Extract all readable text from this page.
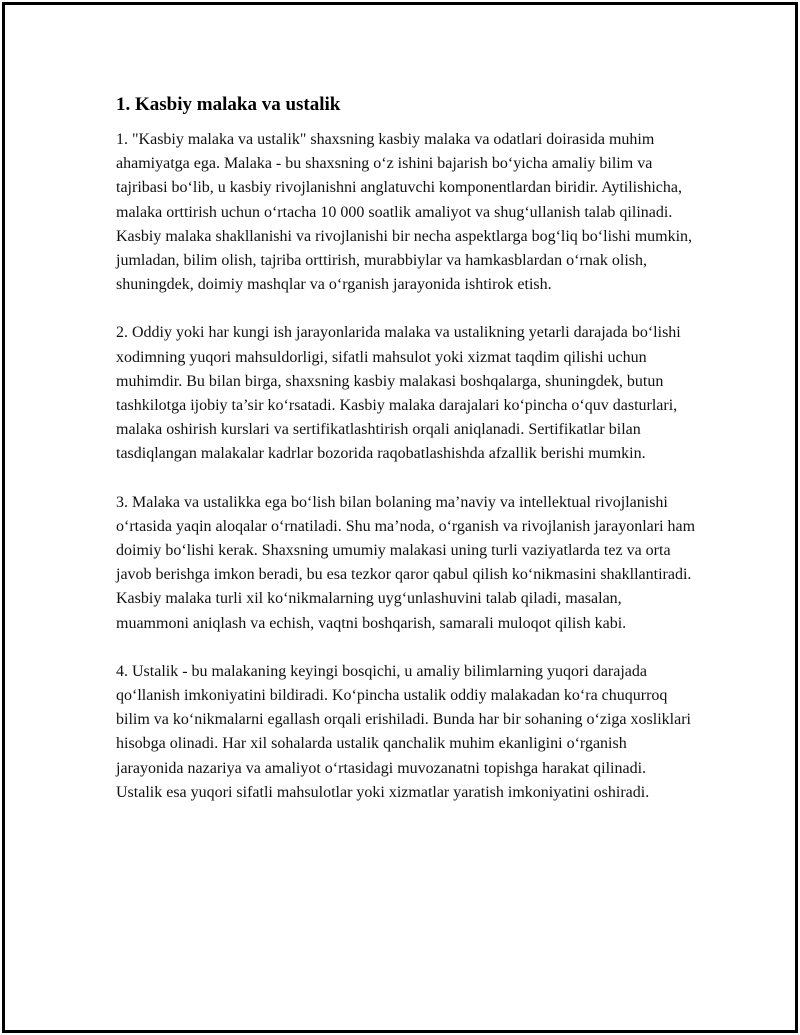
1. Kasbiy malaka va ustalik

1. "Kasbiy malaka va ustalik" shaxsning kasbiy malaka va odatlari doirasida muhim ahamiyatga ega. Malaka - bu shaxsning o‘z ishini bajarish bo‘yicha amaliy bilim va tajribasi bo‘lib, u kasbiy rivojlanishni anglatuvchi komponentlardan biridir. Aytilishicha, malaka orttirish uchun o‘rtacha 10 000 soatlik amaliyot va shug‘ullanish talab qilinadi. Kasbiy malaka shakllanishi va rivojlanishi bir necha aspektlarga bog‘liq bo‘lishi mumkin, jumladan, bilim olish, tajriba orttirish, murabbiylar va hamkasblardan o‘rnak olish, shuningdek, doimiy mashqlar va o‘rganish jarayonida ishtirok etish.

2. Oddiy yoki har kungi ish jarayonlarida malaka va ustalikning yetarli darajada bo‘lishi xodimning yuqori mahsuldorligi, sifatli mahsulot yoki xizmat taqdim qilishi uchun muhimdir. Bu bilan birga, shaxsning kasbiy malakasi boshqalarga, shuningdek, butun tashkilotga ijobiy ta’sir ko‘rsatadi. Kasbiy malaka darajalari ko‘pincha o‘quv dasturlari, malaka oshirish kurslari va sertifikatlashtirish orqali aniqlanadi. Sertifikatlar bilan tasdiqlangan malakalar kadrlar bozorida raqobatlashishda afzallik berishi mumkin.

3. Malaka va ustalikka ega bo‘lish bilan bolaning ma’naviy va intellektual rivojlanishi o‘rtasida yaqin aloqalar o‘rnatiladi. Shu ma’noda, o‘rganish va rivojlanish jarayonlari ham doimiy bo‘lishi kerak. Shaxsning umumiy malakasi uning turli vaziyatlarda tez va orta javob berishga imkon beradi, bu esa tezkor qaror qabul qilish ko‘nikmasini shakllantiradi. Kasbiy malaka turli xil ko‘nikmalarning uyg‘unlashuvini talab qiladi, masalan, muammoni aniqlash va echish, vaqtni boshqarish, samarali muloqot qilish kabi.

4. Ustalik - bu malakaning keyingi bosqichi, u amaliy bilimlarning yuqori darajada qo‘llanish imkoniyatini bildiradi. Ko‘pincha ustalik oddiy malakadan ko‘ra chuqurroq bilim va ko‘nikmalarni egallash orqali erishiladi. Bunda har bir sohaning o‘ziga xosliklari hisobga olinadi. Har xil sohalarda ustalik qanchalik muhim ekanligini o‘rganish jarayonida nazariya va amaliyot o‘rtasidagi muvozanatni topishga harakat qilinadi. Ustalik esa yuqori sifatli mahsulotlar yoki xizmatlar yaratish imkoniyatini oshiradi.
